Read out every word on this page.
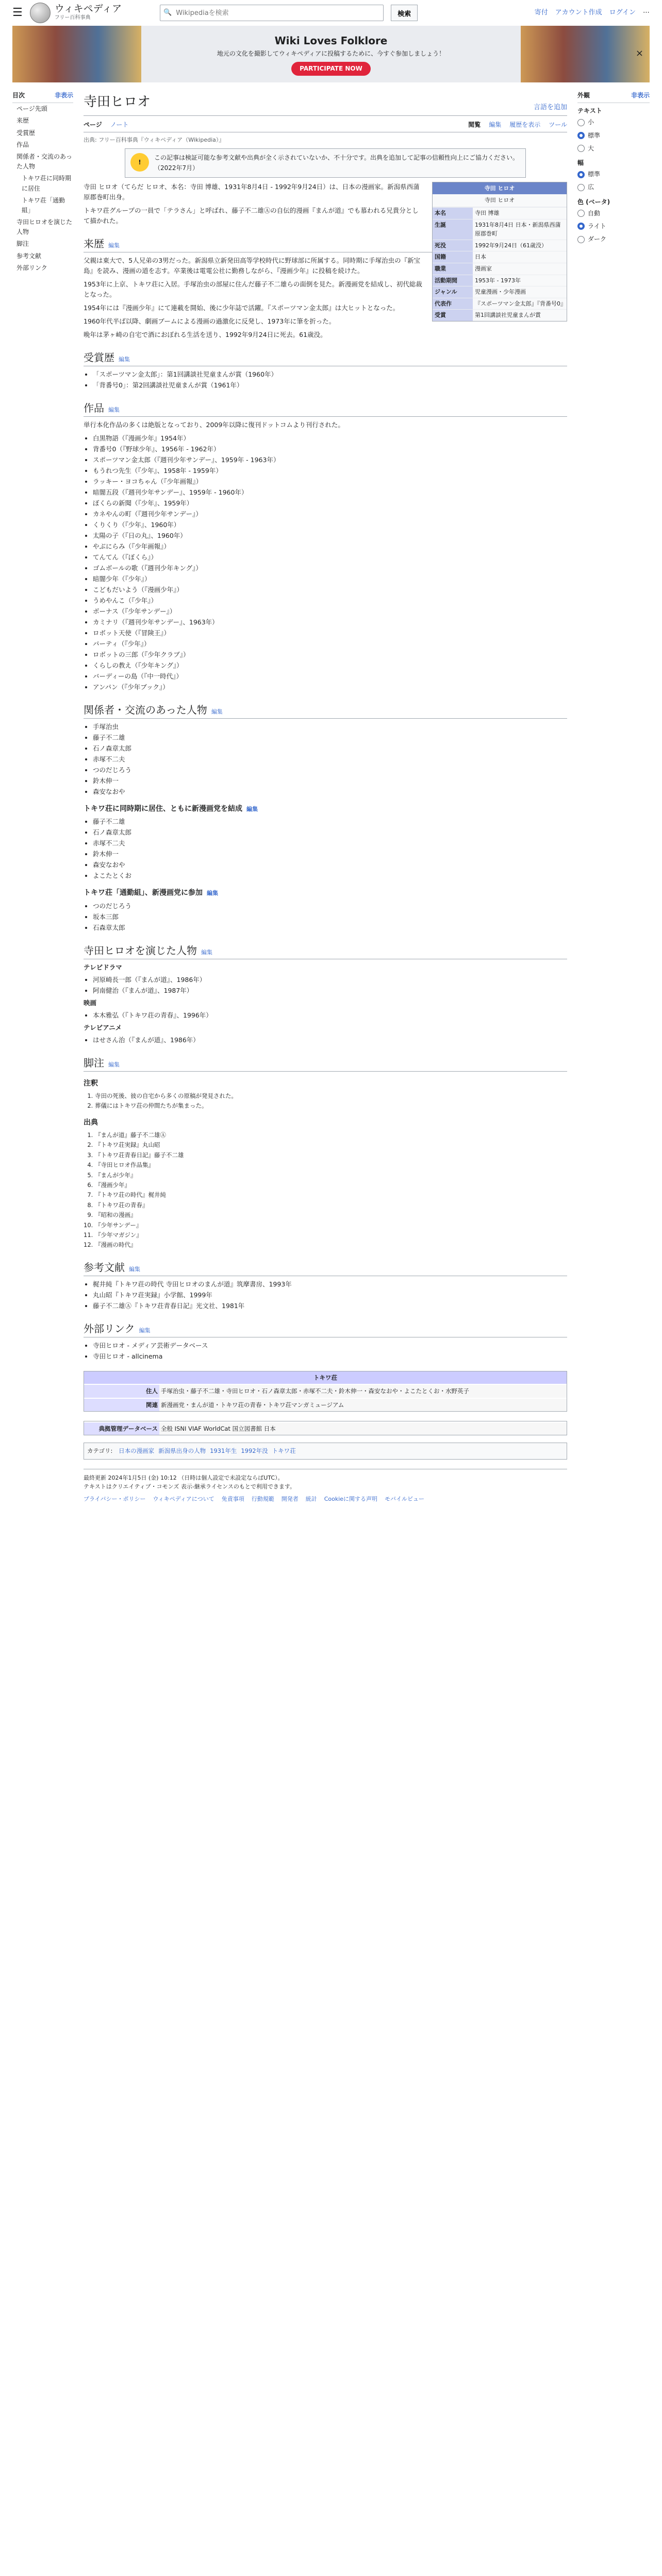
☰	ウィキペディア
フリー百科事典
🔍
Wikipediaを検索	検索	寄付 アカウント作成 ログイン ⋯
Wiki Loves Folklore
地元の文化を撮影してウィキペディアに投稿するために、今すぐ参加しましょう！
PARTICIPATE NOW
×
目次	非表示
ページ先頭
来歴
受賞歴
作品
関係者・交流のあった人物
トキワ荘に同時期に居住
トキワ荘「通勤組」
寺田ヒロオを演じた人物
脚注
参考文献
外部リンク
寺田ヒロオ	言語を追加
ページ ノート	閲覧 編集 履歴を表示 ツール
出典: フリー百科事典『ウィキペディア（Wikipedia）』
!
この記事は検証可能な参考文献や出典が全く示されていないか、不十分です。出典を追加して記事の信頼性向上にご協力ください。（2022年7月）
寺田 ヒロオ
寺田 ヒロオ
本名	寺田 博雄
生誕	1931年8月4日 日本・新潟県西蒲原郡巻町
死没	1992年9月24日（61歳没）
国籍	日本
職業	漫画家
活動期間	1953年 - 1973年
ジャンル	児童漫画・少年漫画
代表作	『スポーツマン金太郎』『背番号0』
受賞	第1回講談社児童まんが賞

寺田 ヒロオ（てらだ ヒロオ、本名：寺田 博雄、1931年8月4日 - 1992年9月24日）は、日本の漫画家。新潟県西蒲原郡巻町出身。

トキワ荘グループの一員で「テラさん」と呼ばれ、藤子不二雄Ⓐの自伝的漫画『まんが道』でも慕われる兄貴分として描かれた。

来歴 編集

父親は東大で、5人兄弟の3男だった。新潟県立新発田高等学校時代に野球部に所属する。同時期に手塚治虫の『新宝島』を読み、漫画の道を志す。卒業後は電電公社に勤務しながら、『漫画少年』に投稿を続けた。

1953年に上京、トキワ荘に入居。手塚治虫の部屋に住んだ藤子不二雄らの面倒を見た。新漫画党を結成し、初代総裁となった。

1954年には『漫画少年』にて連載を開始、後に少年誌で活躍。『スポーツマン金太郎』は大ヒットとなった。

1960年代半ば以降、劇画ブームによる漫画の過激化に反発し、1973年に筆を折った。

晩年は茅ヶ崎の自宅で酒におぼれる生活を送り、1992年9月24日に死去。61歳没。

受賞歴 編集
• 「スポーツマン金太郎」：第1回講談社児童まんが賞（1960年）
• 「背番号0」：第2回講談社児童まんが賞（1961年）
作品 編集

単行本化作品の多くは絶版となっており、2009年以降に復刊ドットコムより刊行された。

• 白黒物語（『漫画少年』1954年）
• 背番号0（『野球少年』、1956年 - 1962年）
• スポーツマン金太郎（『週刊少年サンデー』、1959年 - 1963年）
• もうれつ先生（『少年』、1958年 - 1959年）
• ラッキー・ヨコちゃん（『少年画報』）
• 暗闇五段（『週刊少年サンデー』、1959年 - 1960年）
• ぼくらの新聞（『少年』、1959年）
• カネやんの町（『週刊少年サンデー』）
• くりくり（『少年』、1960年）
• 太陽の子（『日の丸』、1960年）
• やぶにらみ（『少年画報』）
• てんてん（『ぼくら』）
• ゴムボールの歌（『週刊少年キング』）
• 暗闇少年（『少年』）
• こどもだいよう（『漫画少年』）
• うめやんこ（『少年』）
• ボーナス（『少年サンデー』）
• カミナリ（『週刊少年サンデー』、1963年）
• ロボット天使（『冒険王』）
• パーティ（『少年』）
• ロボットの三郎（『少年クラブ』）
• くらしの教え（『少年キング』）
• バーディーの島（『中一時代』）
• アンパン（『少年ブック』）
関係者・交流のあった人物 編集
• 手塚治虫
• 藤子不二雄
• 石ノ森章太郎
• 赤塚不二夫
• つのだじろう
• 鈴木伸一
• 森安なおや
トキワ荘に同時期に居住、ともに新漫画党を結成 編集
• 藤子不二雄
• 石ノ森章太郎
• 赤塚不二夫
• 鈴木伸一
• 森安なおや
• よこたとくお
トキワ荘「通勤組」、新漫画党に参加 編集
• つのだじろう
• 坂本三郎
• 石森章太郎
寺田ヒロオを演じた人物 編集
テレビドラマ
• 河原崎長一郎（『まんが道』、1986年）
• 阿南健治（『まんが道』、1987年）
映画
• 本木雅弘（『トキワ荘の青春』、1996年）
テレビアニメ
• はせさん治（『まんが道』、1986年）
脚注 編集
注釈
1. 寺田の死後、彼の自宅から多くの原稿が発見された。
2. 葬儀にはトキワ荘の仲間たちが集まった。
出典
1. 『まんが道』藤子不二雄Ⓐ
2. 『トキワ荘実録』丸山昭
3. 『トキワ荘青春日記』藤子不二雄
4. 『寺田ヒロオ作品集』
5. 『まんが少年』
6. 『漫画少年』
7. 『トキワ荘の時代』梶井純
8. 『トキワ荘の青春』
9. 『昭和の漫画』
10. 『少年サンデー』
11. 『少年マガジン』
12. 『漫画の時代』
参考文献 編集
• 梶井純『トキワ荘の時代 寺田ヒロオのまんが道』筑摩書房、1993年
• 丸山昭『トキワ荘実録』小学館、1999年
• 藤子不二雄Ⓐ『トキワ荘青春日記』光文社、1981年
外部リンク 編集
• 寺田ヒロオ - メディア芸術データベース
• 寺田ヒロオ - allcinema
トキワ荘
住人 手塚治虫・藤子不二雄・寺田ヒロオ・石ノ森章太郎・赤塚不二夫・鈴木伸一・森安なおや・よこたとくお・水野英子
関連 新漫画党・まんが道・トキワ荘の青春・トキワ荘マンガミュージアム
典拠管理データベース 全般 ISNI VIAF WorldCat 国立図書館 日本
カテゴリ: 日本の漫画家 新潟県出身の人物 1931年生 1992年没 トキワ荘
最終更新 2024年1月5日 (金) 10:12 （日時は個人設定で未設定ならばUTC）。
テキストはクリエイティブ・コモンズ 表示-継承ライセンスのもとで利用できます。
プライバシー・ポリシー ウィキペディアについて 免責事項 行動規範 開発者 統計 Cookieに関する声明 モバイルビュー
外観	非表示
テキスト
小
標準
大
幅
標準
広
色 (ベータ)
自動
ライト
ダーク
